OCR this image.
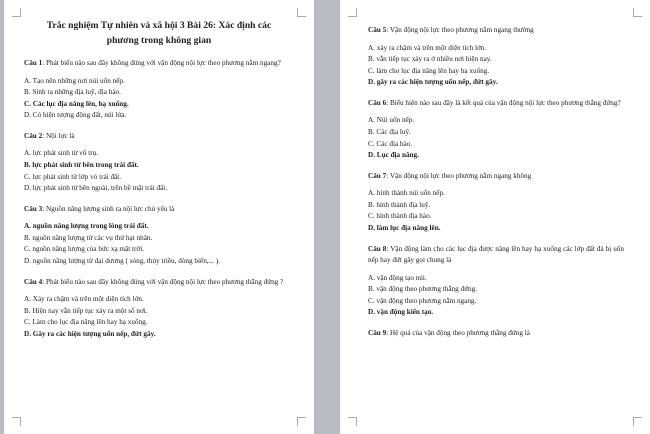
Trắc nghiệm Tự nhiên và xã hội 3 Bài 26: Xác định các phương trong không gian
Câu 1: Phát biểu nào sau đây không đúng với vận động nội lực theo phương nằm ngang?
A. Tạo nên những nơi núi uốn nếp.
B. Sinh ra những địa luỹ, địa hào.
C. Các lục địa nâng lên, hạ xuống.
D. Có hiện tượng động đất, núi lửa.
Câu 2: Nội lực là
A. lực phát sinh từ vũ trụ.
B. lực phát sinh từ bên trong trái đất.
C. lực phát sinh từ lớp vỏ trái đất.
D. lực phát sinh từ bên ngoài, trên bề mặt trái đất.
Câu 3: Nguồn năng lượng sinh ra nội lực chủ yếu là
A. nguồn năng lượng trong lòng trái đất.
B. nguồn năng lượng từ các vụ thử hạt nhân.
C. nguồn năng lượng của bức xạ mặt trời.
D. nguồn năng lượng từ đại dương ( sóng, thủy triều, dòng biển,... ).
Câu 4: Phát biểu nào sau đây không đúng với vận động nội lực theo phương thẳng đứng ?
A. Xảy ra chậm và trên một diện tích lớn.
B. Hiện nay vẫn tiếp tục xảy ra một số nơi.
C. Làm cho lục địa nâng lên hay hạ xuống.
D. Gây ra các hiện tượng uốn nếp, đứt gãy.
Câu 5: Vận động nội lực theo phương nằm ngang thường
A. xảy ra chậm và trên một diện tích lớn.
B. vẫn tiếp tục xảy ra ở nhiều nơi hiện nay.
C. làm cho lục địa nâng lên hay hạ xuống.
D. gây ra các hiện tượng uốn nếp, đứt gãy.
Câu 6: Biểu hiện nào sau đây là kết quả của vận động nội lực theo phương thẳng đứng?
A. Núi uốn nếp.
B. Các địa luỹ.
C. Các địa hào.
D. Lục địa nâng.
Câu 7: Vận động nội lực theo phương nằm ngang không
A. hình thành núi uốn nếp.
B. hình thành địa luỹ.
C. hình thành địa hào.
D. làm lục địa nâng lên.
Câu 8: Vận động làm cho các lục địa được nâng lên hay hạ xuống các lớp đất đá bị uốn nếp hay đứt gãy gọi chung là
A. vận động tạo núi.
B. vận động theo phương thẳng đứng.
C. vận động theo phương nằm ngang.
D. vận động kiến tạo.
Câu 9: Hệ quả của vận động theo phương thẳng đứng là
